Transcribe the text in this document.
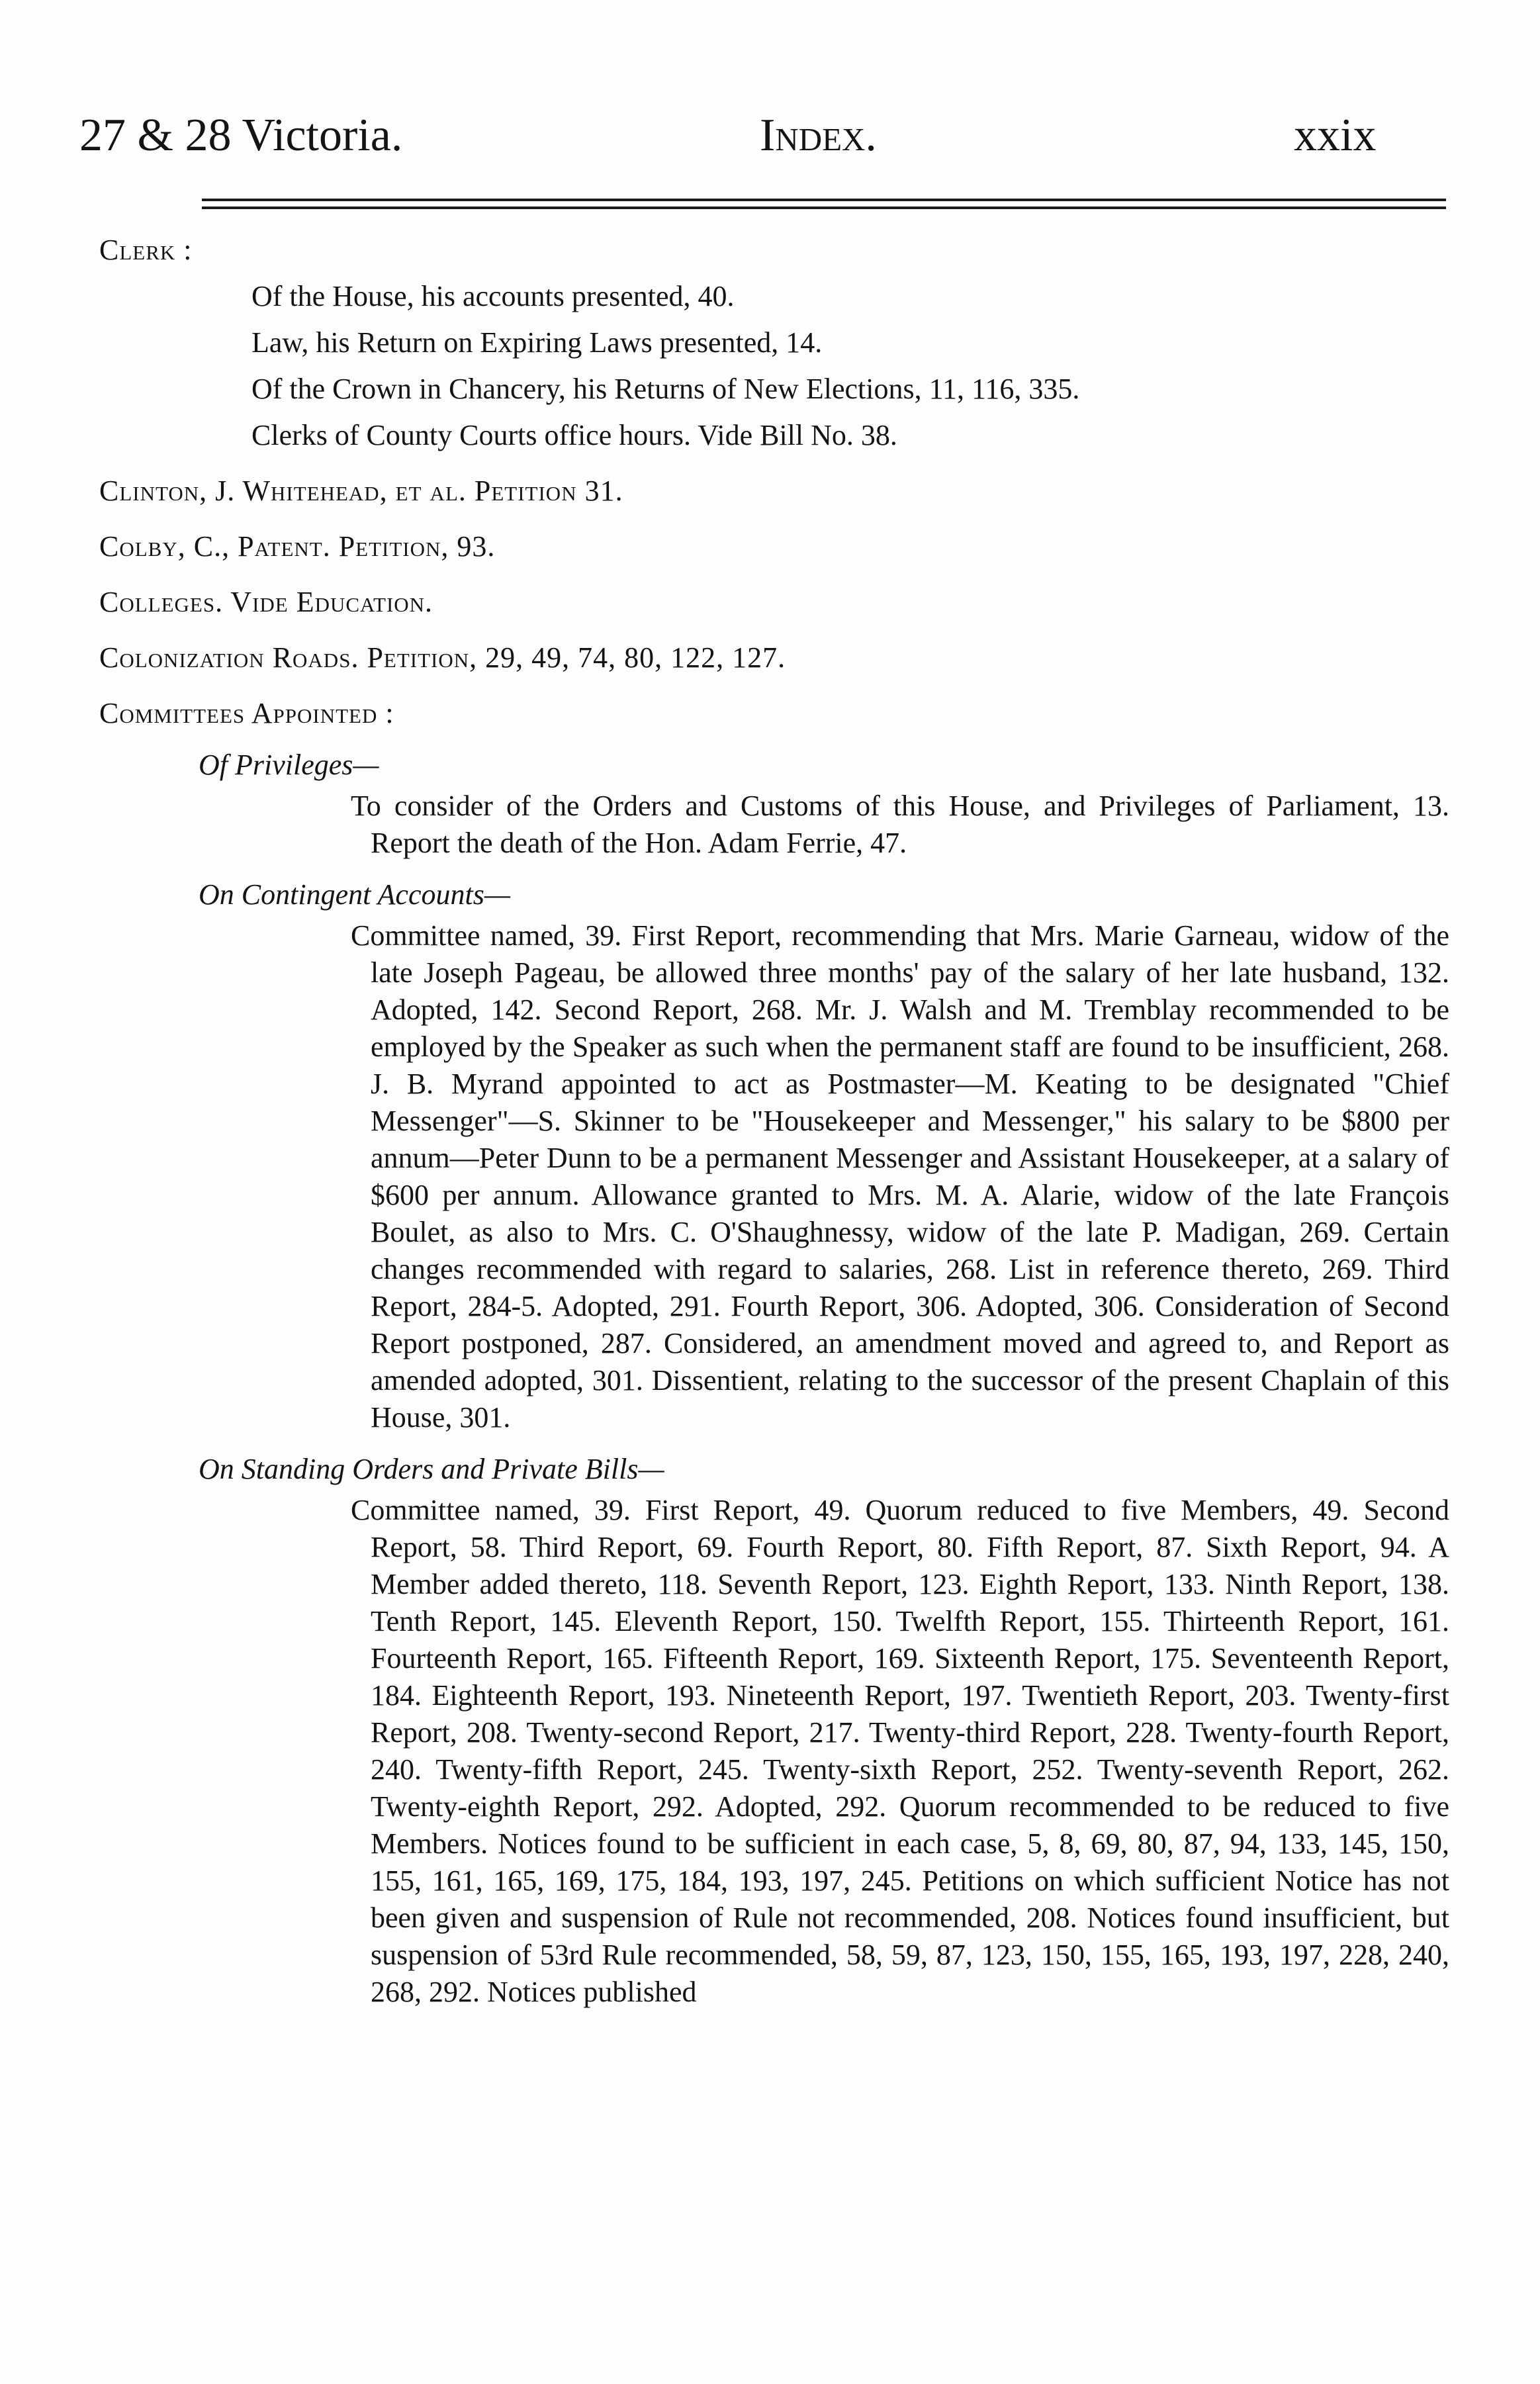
27 & 28 Victoria.	Index.	xxix
Clerk :
Of the House, his accounts presented, 40.
Law, his Return on Expiring Laws presented, 14.
Of the Crown in Chancery, his Returns of New Elections, 11, 116, 335.
Clerks of County Courts office hours. Vide Bill No. 38.
Clinton, J. Whitehead, et al. Petition 31.
Colby, C., Patent. Petition, 93.
Colleges. Vide Education.
Colonization Roads. Petition, 29, 49, 74, 80, 122, 127.
Committees Appointed :
Of Privileges—
To consider of the Orders and Customs of this House, and Privileges of Parliament, 13. Report the death of the Hon. Adam Ferrie, 47.
On Contingent Accounts—
Committee named, 39. First Report, recommending that Mrs. Marie Garneau, widow of the late Joseph Pageau, be allowed three months' pay of the salary of her late husband, 132. Adopted, 142. Second Report, 268. Mr. J. Walsh and M. Tremblay recommended to be employed by the Speaker as such when the permanent staff are found to be insufficient, 268. J. B. Myrand appointed to act as Postmaster—M. Keating to be designated "Chief Messenger"—S. Skinner to be "Housekeeper and Messenger," his salary to be $800 per annum—Peter Dunn to be a permanent Messenger and Assistant Housekeeper, at a salary of $600 per annum. Allowance granted to Mrs. M. A. Alarie, widow of the late François Boulet, as also to Mrs. C. O'Shaughnessy, widow of the late P. Madigan, 269. Certain changes recommended with regard to salaries, 268. List in reference thereto, 269. Third Report, 284-5. Adopted, 291. Fourth Report, 306. Adopted, 306. Consideration of Second Report postponed, 287. Considered, an amendment moved and agreed to, and Report as amended adopted, 301. Dissentient, relating to the successor of the present Chaplain of this House, 301.
On Standing Orders and Private Bills—
Committee named, 39. First Report, 49. Quorum reduced to five Members, 49. Second Report, 58. Third Report, 69. Fourth Report, 80. Fifth Report, 87. Sixth Report, 94. A Member added thereto, 118. Seventh Report, 123. Eighth Report, 133. Ninth Report, 138. Tenth Report, 145. Eleventh Report, 150. Twelfth Report, 155. Thirteenth Report, 161. Fourteenth Report, 165. Fifteenth Report, 169. Sixteenth Report, 175. Seventeenth Report, 184. Eighteenth Report, 193. Nineteenth Report, 197. Twentieth Report, 203. Twenty-first Report, 208. Twenty-second Report, 217. Twenty-third Report, 228. Twenty-fourth Report, 240. Twenty-fifth Report, 245. Twenty-sixth Report, 252. Twenty-seventh Report, 262. Twenty-eighth Report, 292. Adopted, 292. Quorum recommended to be reduced to five Members. Notices found to be sufficient in each case, 5, 8, 69, 80, 87, 94, 133, 145, 150, 155, 161, 165, 169, 175, 184, 193, 197, 245. Petitions on which sufficient Notice has not been given and suspension of Rule not recommended, 208. Notices found insufficient, but suspension of 53rd Rule recommended, 58, 59, 87, 123, 150, 155, 165, 193, 197, 228, 240, 268, 292. Notices published
